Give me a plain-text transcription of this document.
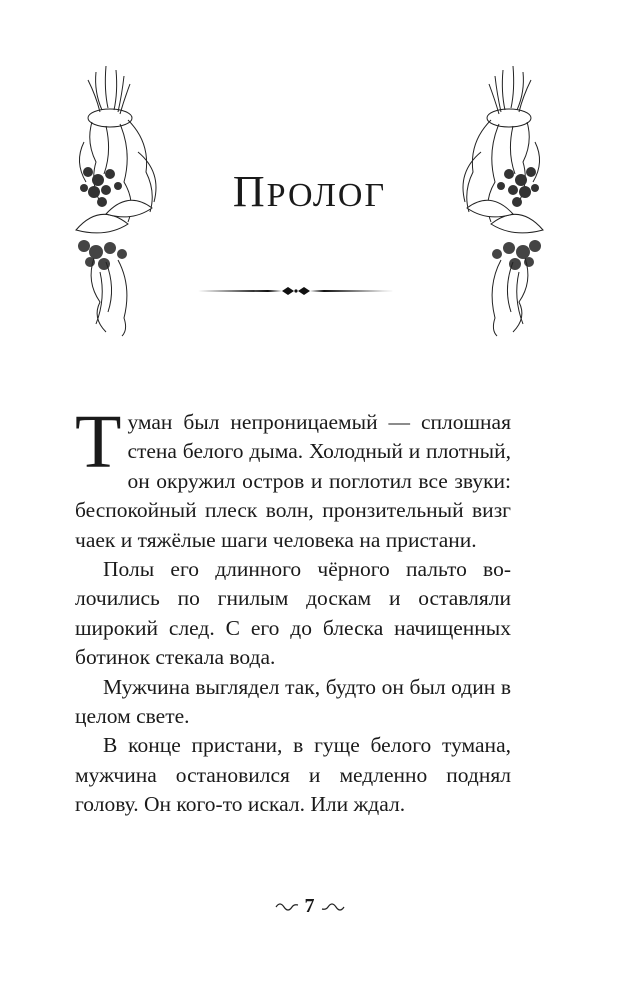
ПРОЛОГ

Туман был непроницаемый — сплошная стена белого дыма. Холодный и плотный, он окружил остров и поглотил все звуки: беспокойный плеск волн, пронзительный визг чаек и тяжёлые шаги человека на пристани.

Полы его длинного чёрного пальто волочились по гнилым доскам и оставляли широкий след. С его до блеска начищенных ботинок стекала вода.

Мужчина выглядел так, будто он был один в целом свете.

В конце пристани, в гуще белого тумана, мужчина остановился и медленно поднял голову. Он кого-то искал. Или ждал.

7
